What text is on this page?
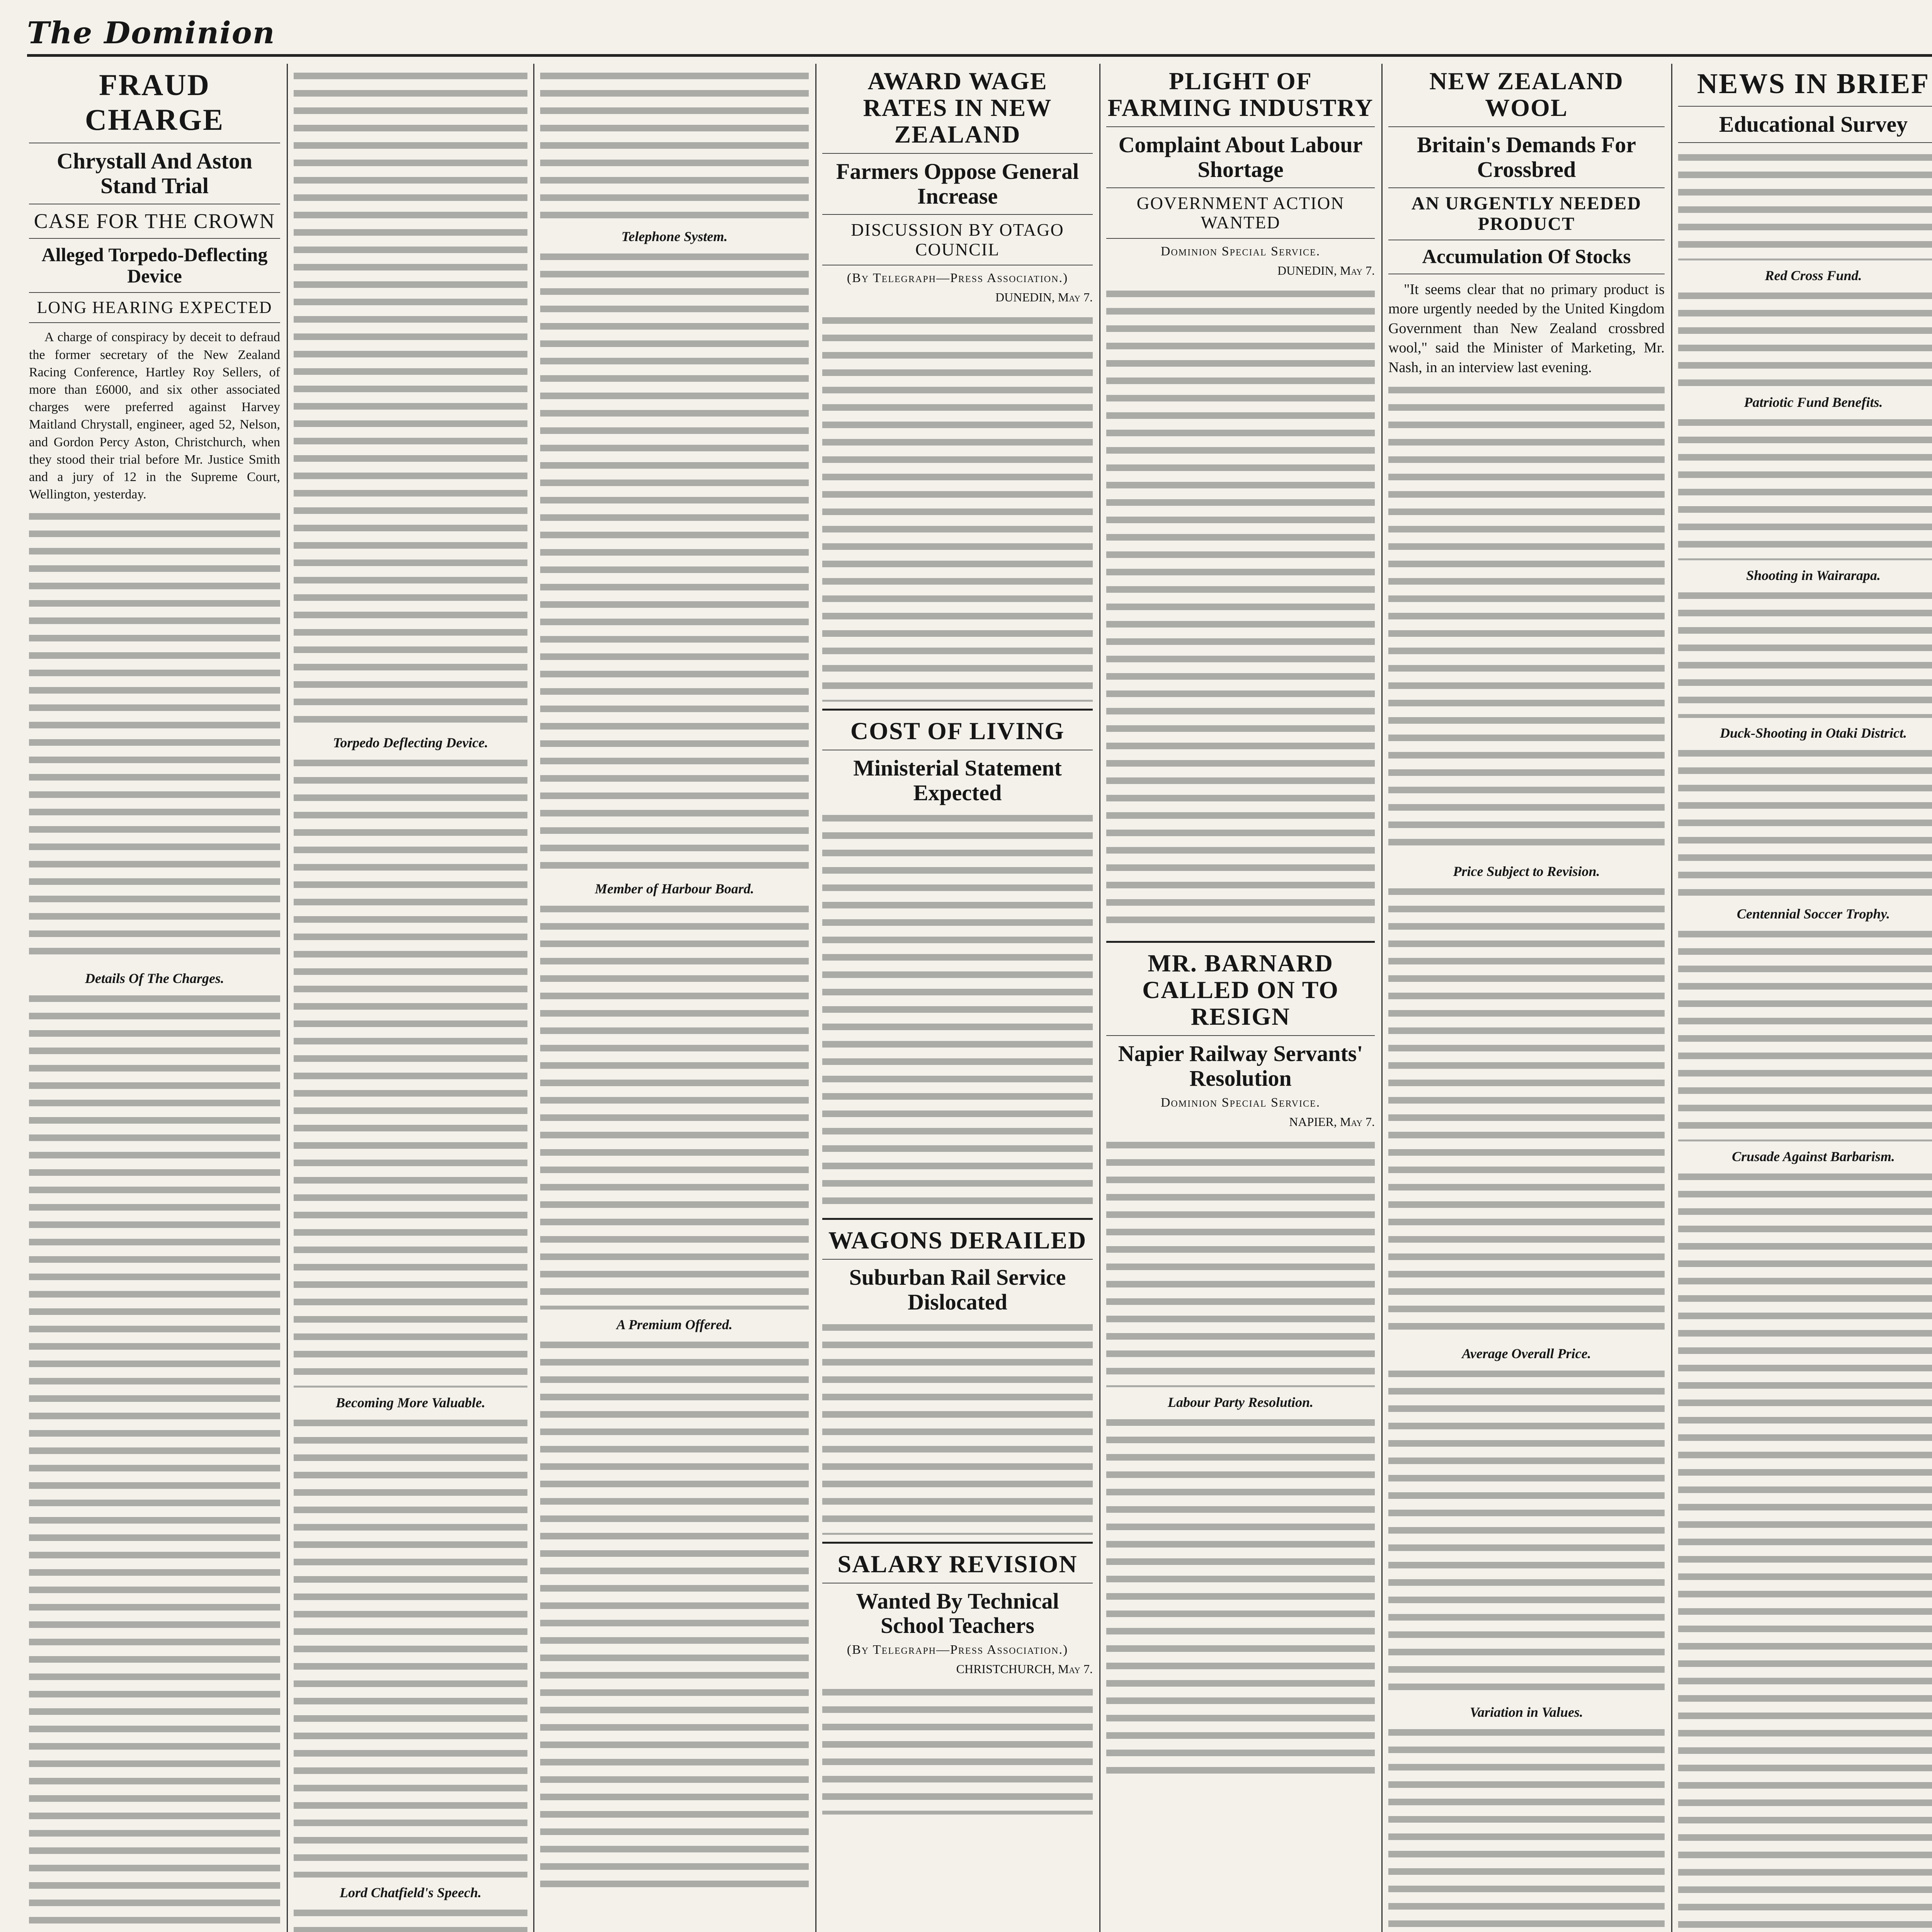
The Dominion

FRAUD CHARGE
Chrystall And Aston Stand Trial
CASE FOR THE CROWN
Alleged Torpedo-Deflecting Device
LONG HEARING EXPECTED

A charge of conspiracy by deceit to defraud the former secretary of the New Zealand Racing Conference, Hartley Roy Sellers, of more than £6000, and six other associated charges were preferred against Harvey Maitland Chrystall, engineer, aged 52, Nelson, and Gordon Percy Aston, Christchurch, when they stood their trial before Mr. Justice Smith and a jury of 12 in the Supreme Court, Wellington, yesterday.

Details Of The Charges.
Torpedo Deflecting Device.
Becoming More Valuable.
Lord Chatfield's Speech.
Telephone System.
Member of Harbour Board.
A Premium Offered.
AWARD WAGE RATES IN NEW ZEALAND
Farmers Oppose General Increase
DISCUSSION BY OTAGO COUNCIL
(By Telegraph—Press Association.)
DUNEDIN, May 7.
COST OF LIVING
Ministerial Statement Expected
WAGONS DERAILED
Suburban Rail Service Dislocated
SALARY REVISION
Wanted By Technical School Teachers
(By Telegraph—Press Association.)
CHRISTCHURCH, May 7.
PLIGHT OF FARMING INDUSTRY
Complaint About Labour Shortage
GOVERNMENT ACTION WANTED
Dominion Special Service.
DUNEDIN, May 7.
MR. BARNARD CALLED ON TO RESIGN
Napier Railway Servants' Resolution
Dominion Special Service.
NAPIER, May 7.
Labour Party Resolution.
NEW ZEALAND WOOL
Britain's Demands For Crossbred
AN URGENTLY NEEDED PRODUCT
Accumulation Of Stocks

"It seems clear that no primary product is more urgently needed by the United Kingdom Government than New Zealand crossbred wool," said the Minister of Marketing, Mr. Nash, in an interview last evening.

Price Subject to Revision.
Average Overall Price.
Variation in Values.
NEWS IN BRIEF
Educational Survey
Red Cross Fund.
Patriotic Fund Benefits.
Shooting in Wairarapa.
Duck-Shooting in Otaki District.
Centennial Soccer Trophy.
Crusade Against Barbarism.
